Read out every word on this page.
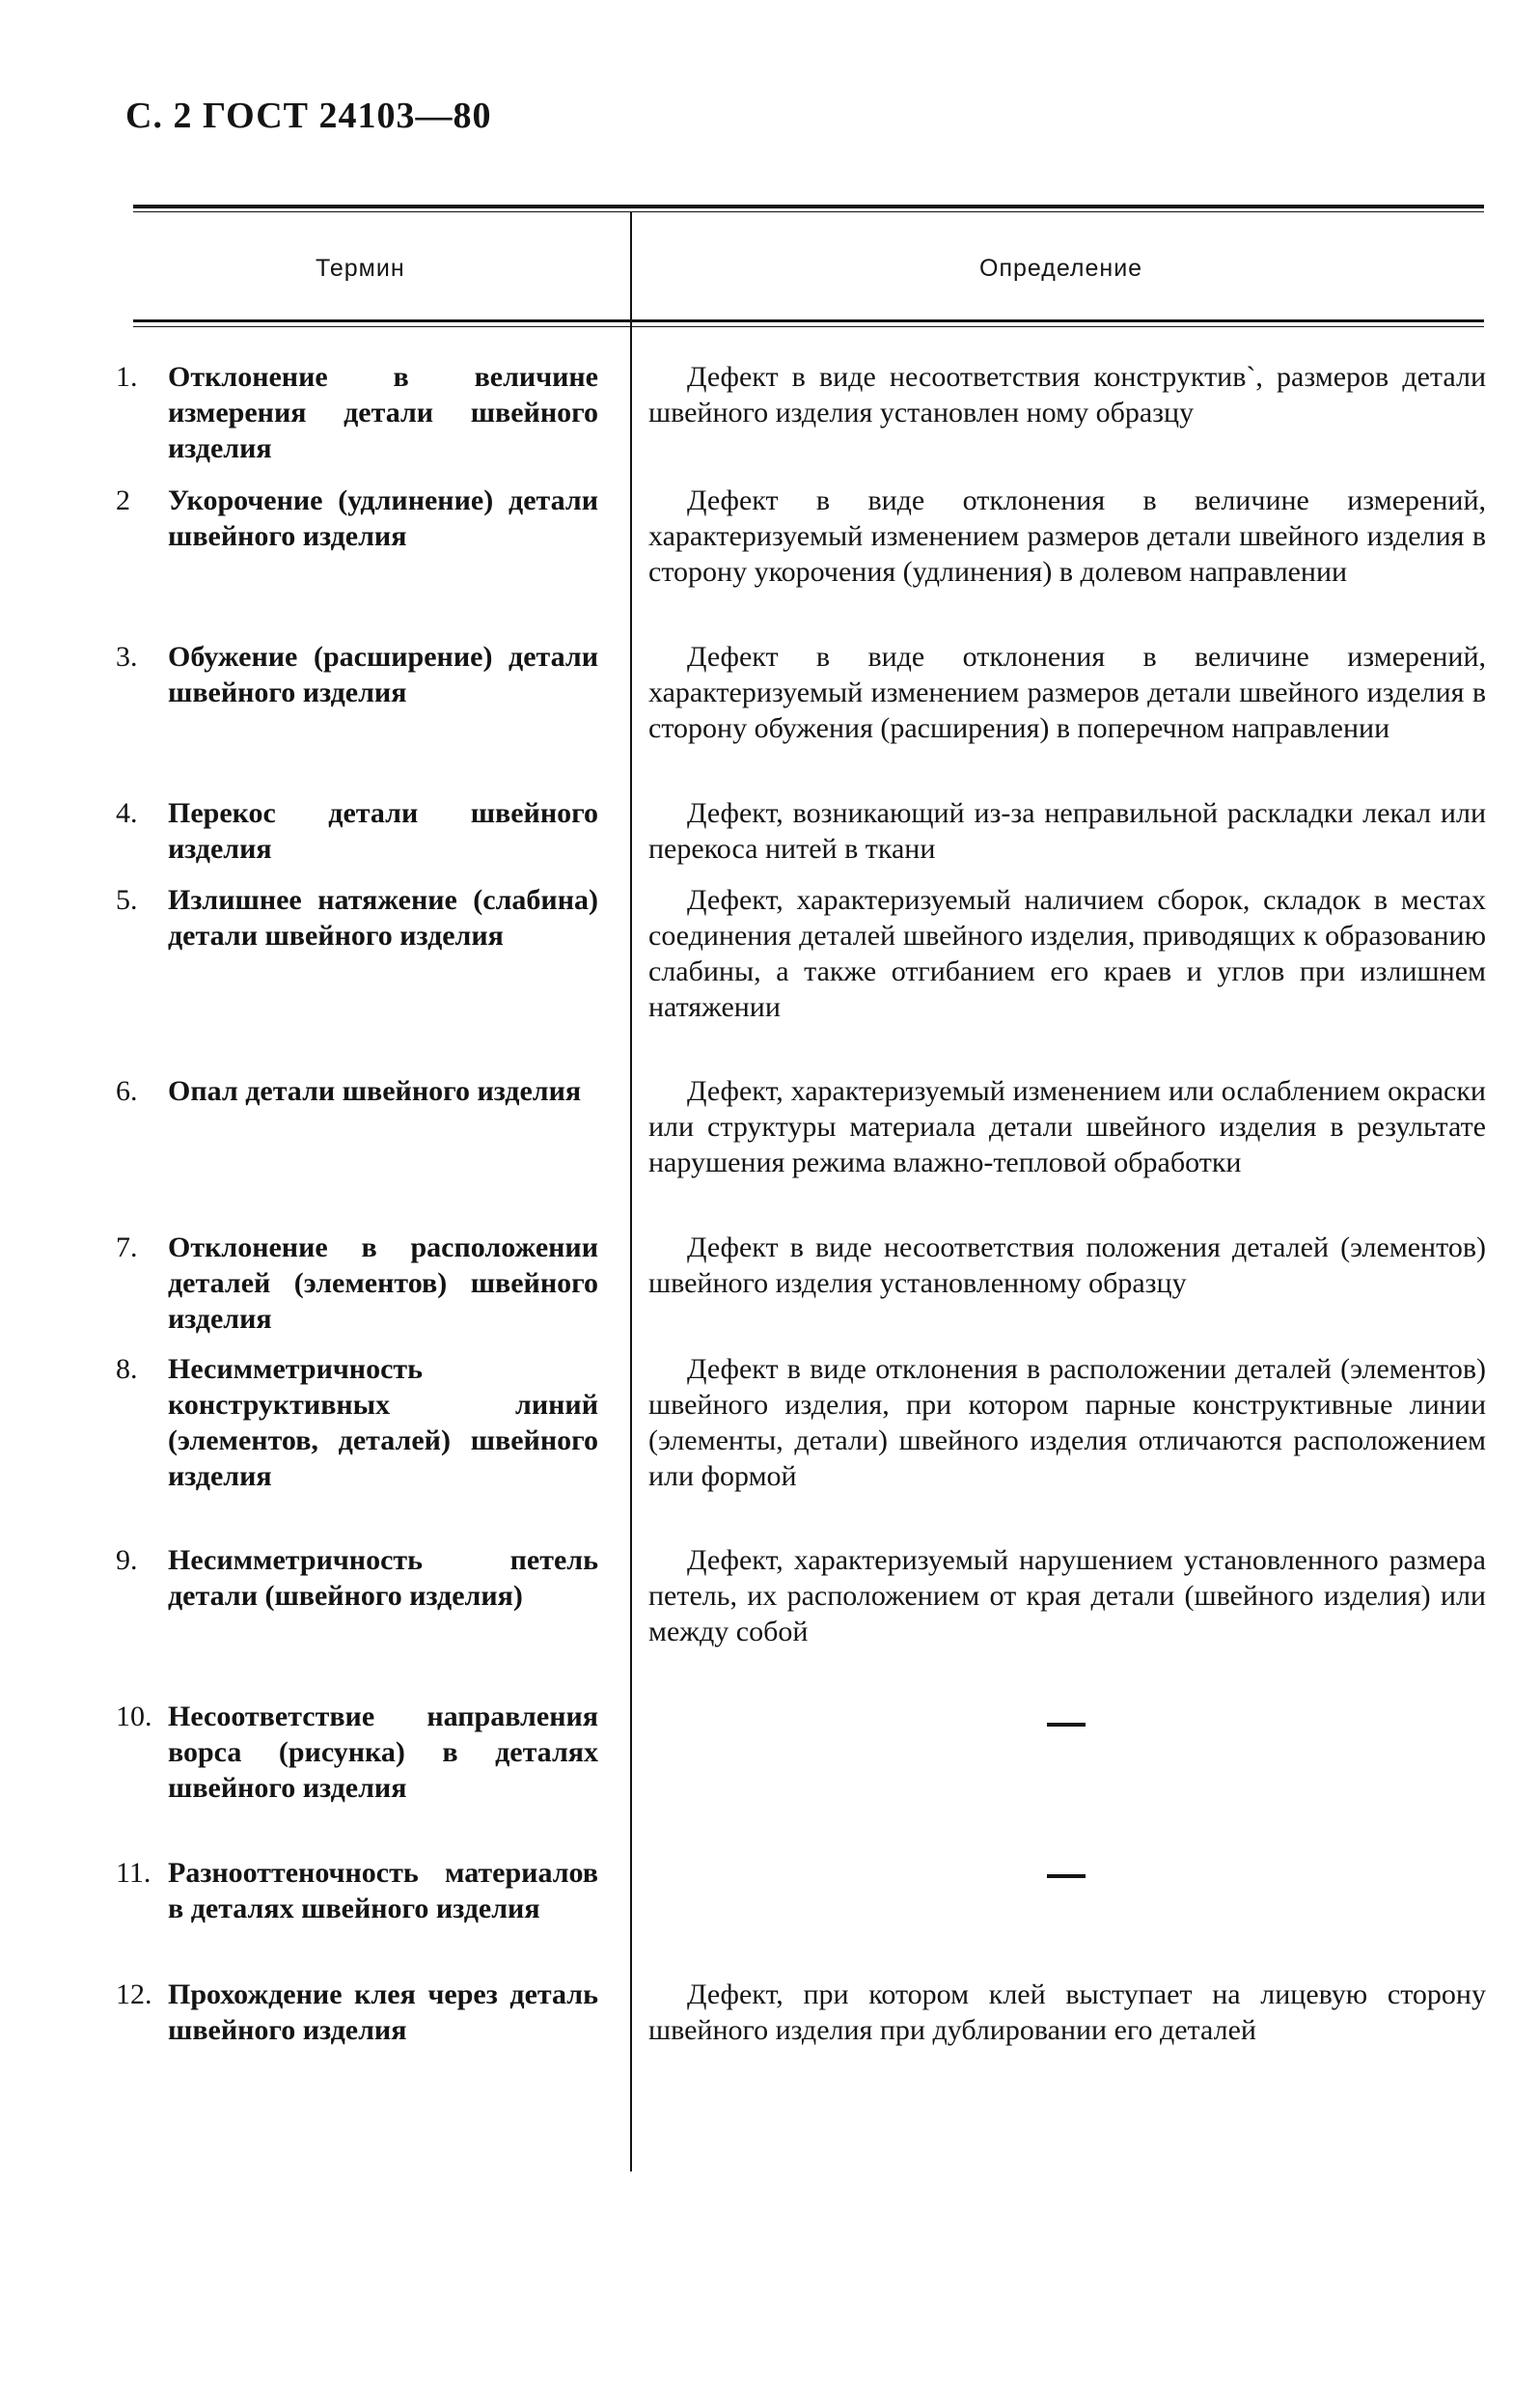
С. 2 ГОСТ 24103—80
Термин	Определение
1. Отклонение в величине измерения детали швейного изделия
Дефект в виде несоответствия конструктив`, размеров детали швейного изделия установлен ному образцу
2 Укорочение (удлинение) детали швейного изделия
Дефект в виде отклонения в величине измерений, характеризуемый изменением размеров детали швейного изделия в сторону укорочения (удлинения) в долевом направлении
3. Обужение (расширение) детали швейного изделия
Дефект в виде отклонения в величине измерений, характеризуемый изменением размеров детали швейного изделия в сторону обужения (расширения) в поперечном направлении
4. Перекос детали швейного изделия
Дефект, возникающий из-за неправильной раскладки лекал или перекоса нитей в ткани
5. Излишнее натяжение (слабина) детали швейного изделия
Дефект, характеризуемый наличием сборок, складок в местах соединения деталей швейного изделия, приводящих к образованию слабины, а также отгибанием его краев и углов при излишнем натяжении
6. Опал детали швейного изделия	Дефект, характеризуемый изменением или ослаблением окраски или структуры материала детали швейного изделия в результате нарушения режима влажно-тепловой обработки
7. Отклонение в расположении деталей (элементов) швейного изделия
Дефект в виде несоответствия положения деталей (элементов) швейного изделия установленному образцу
8. Несимметричность конструктивных линий (элементов, деталей) швейного изделия
Дефект в виде отклонения в расположении деталей (элементов) швейного изделия, при котором парные конструктивные линии (элементы, детали) швейного изделия отличаются расположением или формой
9. Несимметричность петель детали (швейного изделия)
Дефект, характеризуемый нарушением установленного размера петель, их расположением от края детали (швейного изделия) или между собой
10. Несоответствие направления ворса (рисунка) в деталях швейного изделия
11. Разнооттеночность материалов в деталях швейного изделия
12. Прохождение клея через деталь швейного изделия
Дефект, при котором клей выступает на лицевую сторону швейного изделия при дублировании его деталей
